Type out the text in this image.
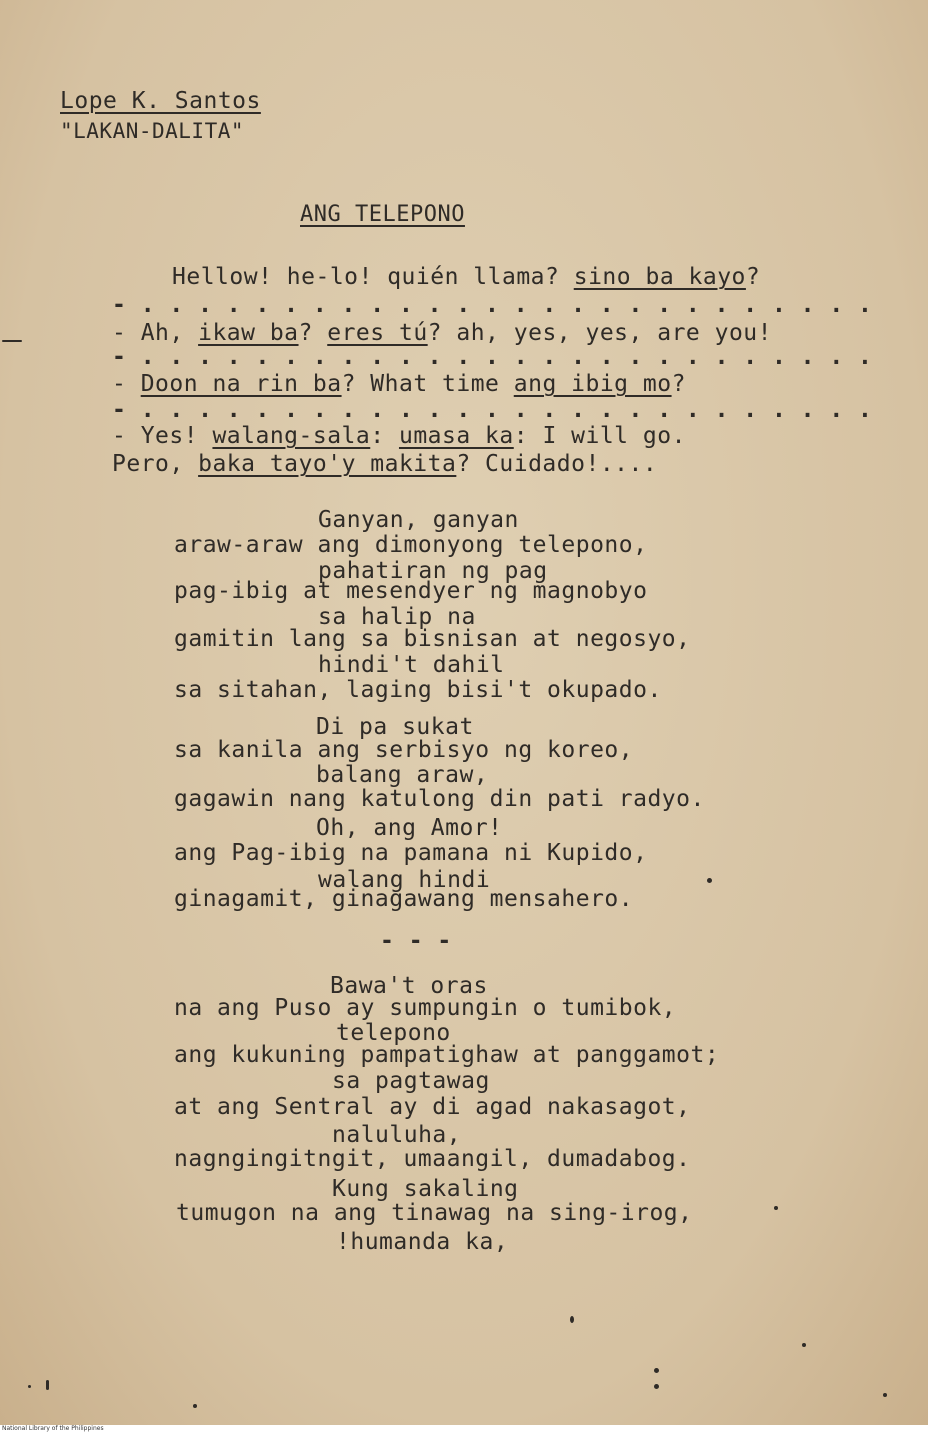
Lope K. Santos
"LAKAN-DALITA"
ANG TELEPONO
Hellow! he-lo! quién llama? sino ba kayo?
- . . . . . . . . . . . . . . . . . . . . . . . . . .
- Ah, ikaw ba? eres tú? ah, yes, yes, are you!
- . . . . . . . . . . . . . . . . . . . . . . . . . .
- Doon na rin ba? What time ang ibig mo?
- . . . . . . . . . . . . . . . . . . . . . . . . . .
- Yes! walang-sala: umasa ka: I will go.
Pero, baka tayo'y makita? Cuidado!....
Ganyan, ganyan
araw-araw ang dimonyong telepono,
pahatiran ng pag
pag-ibig at mesendyer ng magnobyo
sa halip na
gamitin lang sa bisnisan at negosyo,
hindi't dahil
sa sitahan, laging bisi't okupado.
Di pa sukat
sa kanila ang serbisyo ng koreo,
balang araw,
gagawin nang katulong din pati radyo.
Oh, ang Amor!
ang Pag-ibig na pamana ni Kupido,
walang hindi
ginagamit, ginagawang mensahero.
- - -
Bawa't oras
na ang Puso ay sumpungin o tumibok,
telepono
ang kukuning pampatighaw at panggamot;
sa pagtawag
at ang Sentral ay di agad nakasagot,
naluluha,
nagngingitngit, umaangil, dumadabog.
Kung sakaling
tumugon na ang tinawag na sing-irog,
!humanda ka,
National Library of the Philippines
